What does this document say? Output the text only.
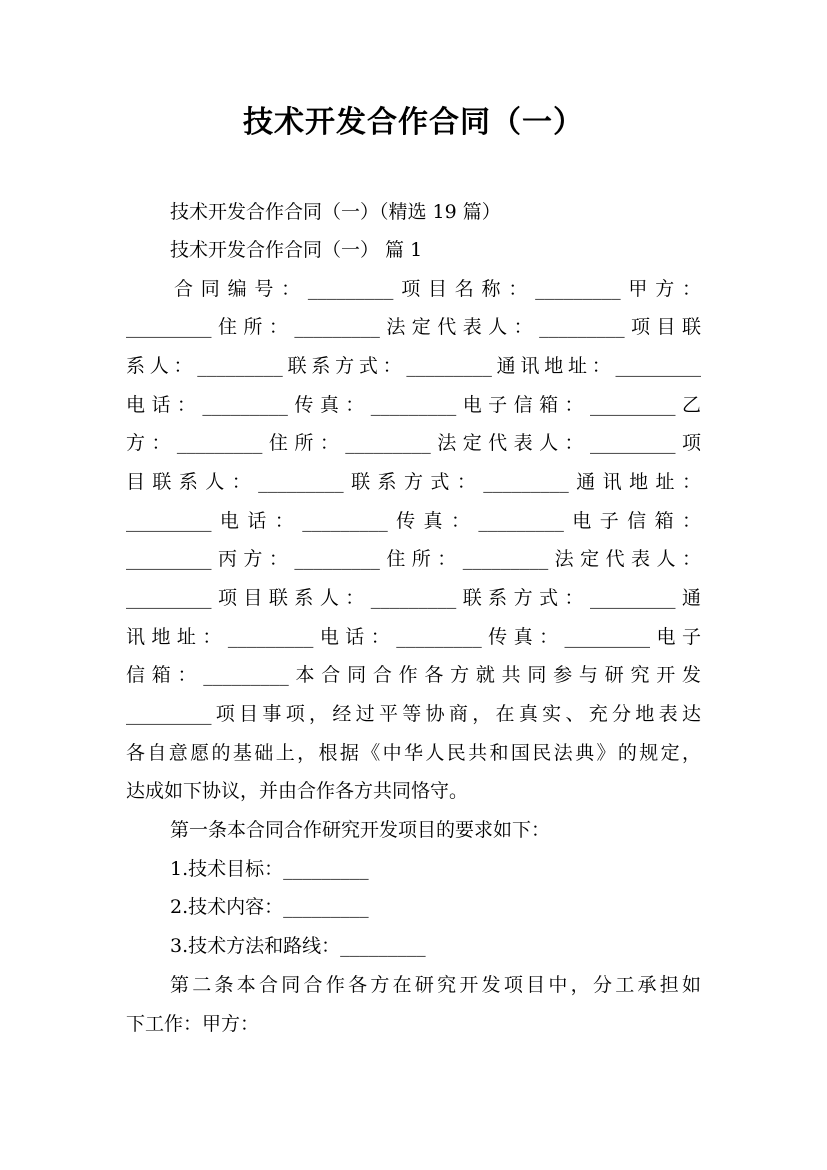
技术开发合作合同（一）
技术开发合作合同（一）（精选 19 篇）
技术开发合作合同（一） 篇 1
合同编号：_________项目名称：_________甲方：
_________住所：_________法定代表人：_________项目联
系人：_________联系方式：_________通讯地址：_________
电话：_________传真：_________电子信箱：_________乙
方：_________住所：_________法定代表人：_________项
目联系人：_________联系方式：_________通讯地址：
_________电话：_________传真：_________电子信箱：
_________丙方：_________住所：_________法定代表人：
_________项目联系人：_________联系方式：_________通
讯地址：_________电话：_________传真：_________电子
信箱：_________本合同合作各方就共同参与研究开发
_________项目事项，经过平等协商，在真实、充分地表达
各自意愿的基础上，根据《中华人民共和国民法典》的规定，
达成如下协议，并由合作各方共同恪守。
第一条本合同合作研究开发项目的要求如下：
1.技术目标：_________
2.技术内容：_________
3.技术方法和路线：_________
第二条本合同合作各方在研究开发项目中，分工承担如
下工作：甲方：
